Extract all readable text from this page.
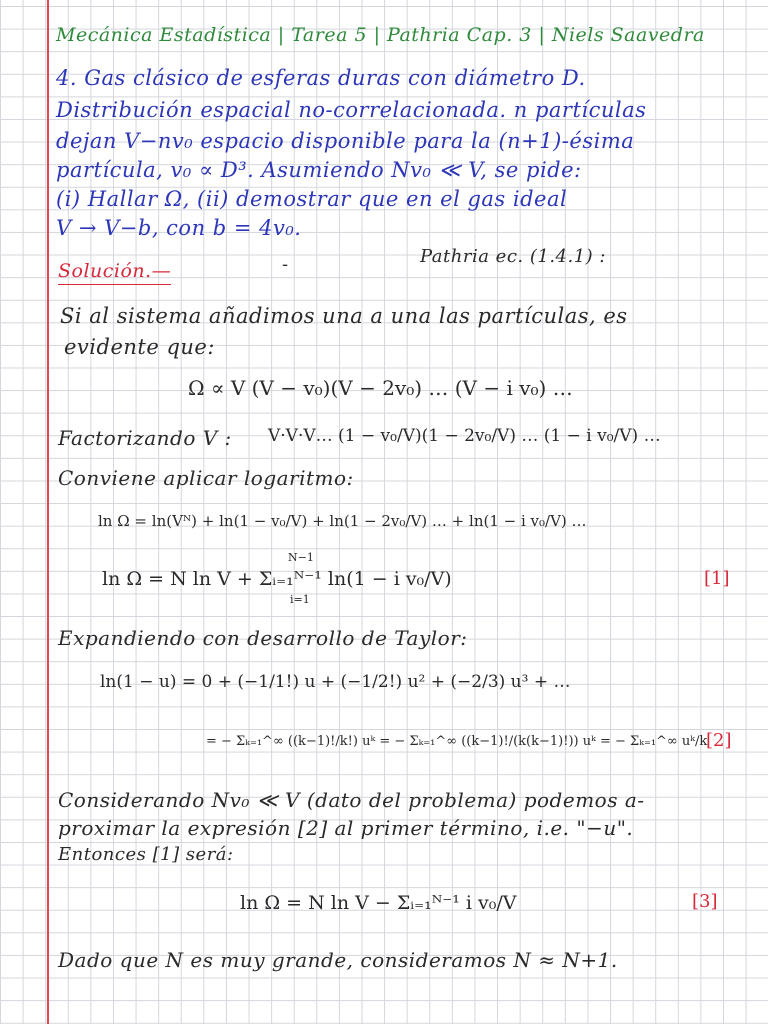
Mecánica Estadística | Tarea 5 | Pathria Cap. 3 | Niels Saavedra
4. Gas clásico de esferas duras con diámetro D.
Distribución espacial no-correlacionada. n partículas
dejan V−nv₀ espacio disponible para la (n+1)-ésima
partícula, v₀ ∝ D³. Asumiendo Nv₀ ≪ V, se pide:
(i) Hallar Ω, (ii) demostrar que en el gas ideal
V → V−b, con b = 4v₀.
Solución.—	-	Pathria ec. (1.4.1) :
Si al sistema añadimos una a una las partículas, es
evidente que:
Ω ∝ V (V − v₀)(V − 2v₀) … (V − i v₀) …
Factorizando V : V·V·V… (1 − v₀/V)(1 − 2v₀/V) … (1 − i v₀/V) …
Conviene aplicar logaritmo:
ln Ω = ln(Vᴺ) + ln(1 − v₀/V) + ln(1 − 2v₀/V) … + ln(1 − i v₀/V) …
N−1
ln Ω = N ln V + Σᵢ₌₁ᴺ⁻¹ ln(1 − i v₀/V)
i=1
[1]
Expandiendo con desarrollo de Taylor:
ln(1 − u) = 0 + (−1/1!) u + (−1/2!) u² + (−2/3) u³ + …
= − Σₖ₌₁^∞ ((k−1)!/k!) uᵏ = − Σₖ₌₁^∞ ((k−1)!/(k(k−1)!)) uᵏ = − Σₖ₌₁^∞ uᵏ/k
[2]
Considerando Nv₀ ≪ V (dato del problema) podemos a-
proximar la expresión [2] al primer término, i.e. "−u".
Entonces [1] será:
ln Ω = N ln V − Σᵢ₌₁ᴺ⁻¹ i v₀/V	[3]
Dado que N es muy grande, consideramos N ≈ N+1.
